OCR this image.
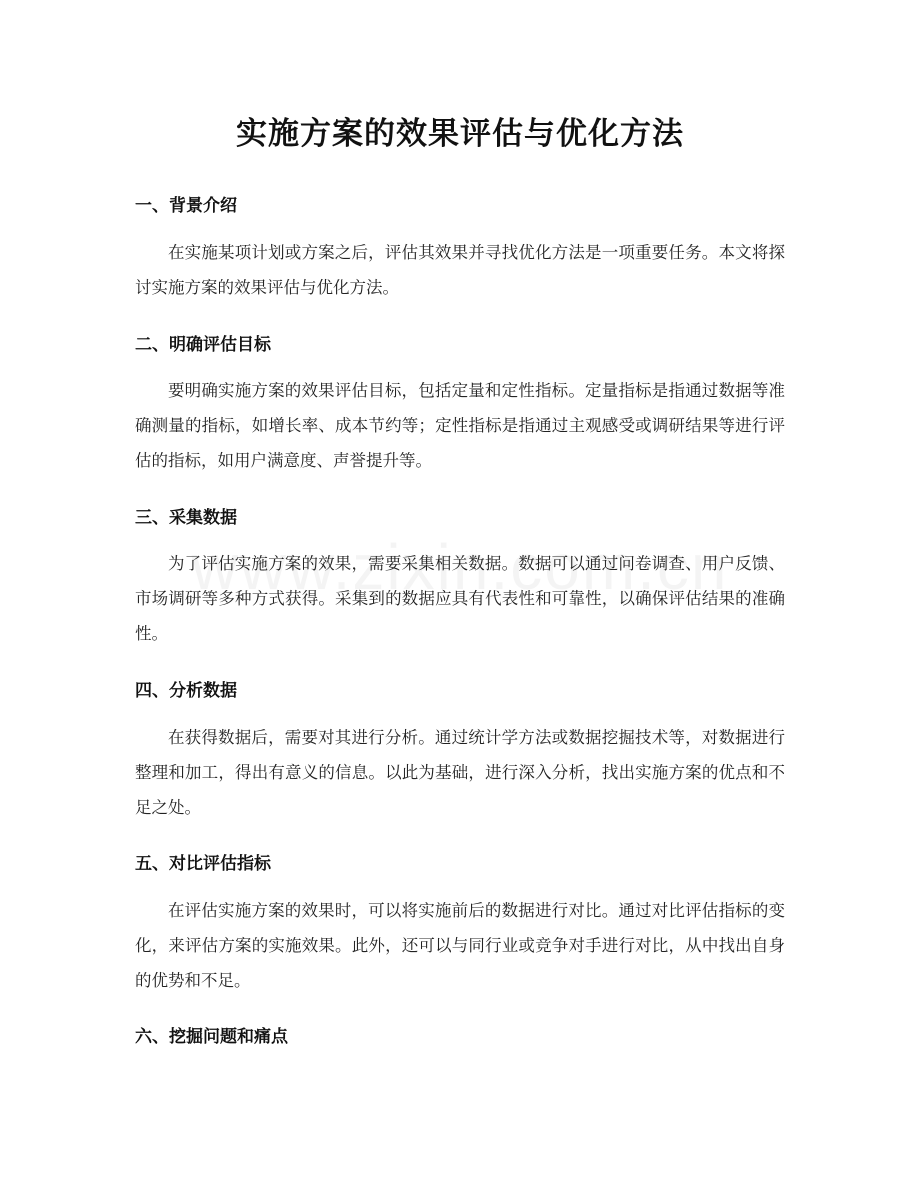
实施方案的效果评估与优化方法
一、背景介绍

在实施某项计划或方案之后，评估其效果并寻找优化方法是一项重要任务。本文将探讨实施方案的效果评估与优化方法。

二、明确评估目标

要明确实施方案的效果评估目标，包括定量和定性指标。定量指标是指通过数据等准确测量的指标，如增长率、成本节约等；定性指标是指通过主观感受或调研结果等进行评估的指标，如用户满意度、声誉提升等。

三、采集数据

为了评估实施方案的效果，需要采集相关数据。数据可以通过问卷调查、用户反馈、市场调研等多种方式获得。采集到的数据应具有代表性和可靠性，以确保评估结果的准确性。

四、分析数据

在获得数据后，需要对其进行分析。通过统计学方法或数据挖掘技术等，对数据进行整理和加工，得出有意义的信息。以此为基础，进行深入分析，找出实施方案的优点和不足之处。

五、对比评估指标

在评估实施方案的效果时，可以将实施前后的数据进行对比。通过对比评估指标的变化，来评估方案的实施效果。此外，还可以与同行业或竞争对手进行对比，从中找出自身的优势和不足。

六、挖掘问题和痛点
